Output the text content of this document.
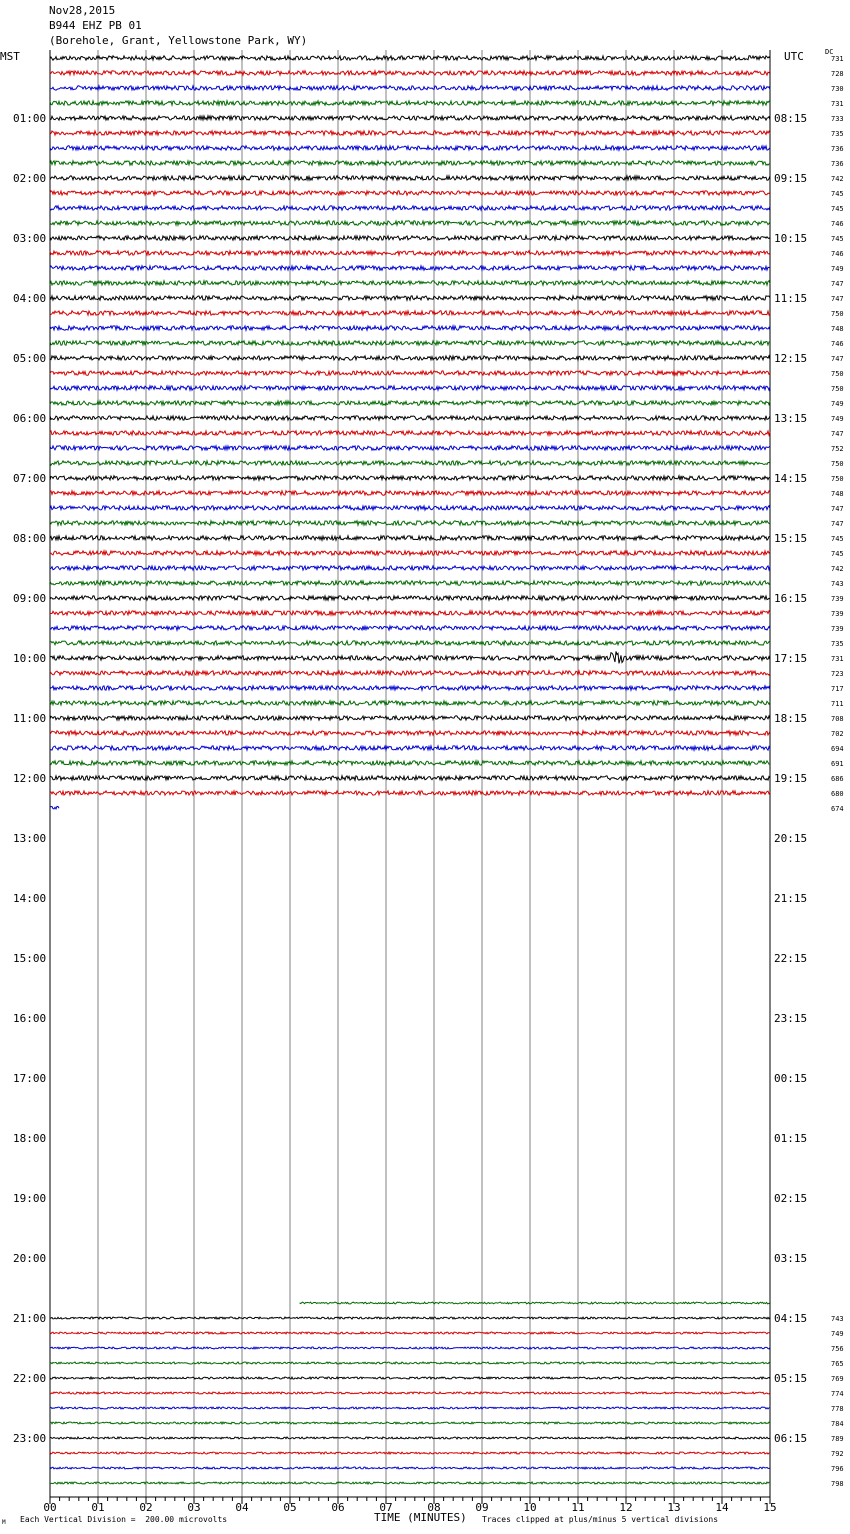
Nov28,2015
B944 EHZ PB 01
(Borehole, Grant, Yellowstone Park, WY)
MST	UTC	DC
00	01	02	03	04	05	06	07	08	09	10	11	12	13	14	15
01:00
02:00
03:00
04:00
05:00
06:00
07:00
08:00
09:00
10:00
11:00
12:00
13:00
14:00
15:00
16:00
17:00
18:00
19:00
20:00
21:00
22:00
23:00
08:15
09:15
10:15
11:15
12:15
13:15
14:15
15:15
16:15
17:15
18:15
19:15
20:15
21:15
22:15
23:15
00:15
01:15
02:15
03:15
04:15
05:15
06:15
731
728
730
731
733
735
736
736
742
745
745
746
745
746
749
747
747
750
748
746
747
750
750
749
749
747
752
750
750
748
747
747
745
745
742
743
739
739
739
735
731
723
717
711
708
702
694
691
686
680
674
743
749
756
765
769
774
778
784
789
792
796
798
M Each Vertical Division =  200.00 microvolts	TIME (MINUTES) Traces clipped at plus/minus 5 vertical divisions
